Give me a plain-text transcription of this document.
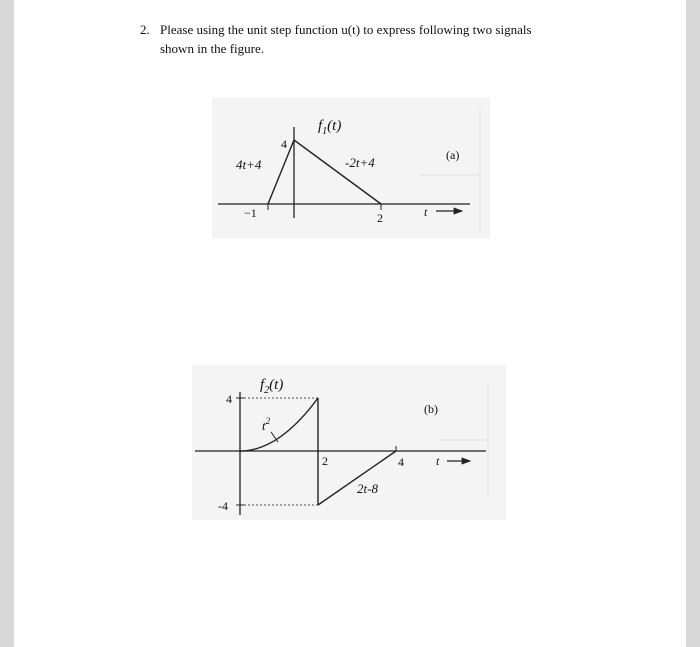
2. Please using the unit step function u(t) to express following two signals
shown in the figure.
$f_1(t)$
4
4t+4	-2t+4	(a)
−1	2	t
$f_2(t)$
4
-4
$t^2$
2	4
2t-8
(b)
t
